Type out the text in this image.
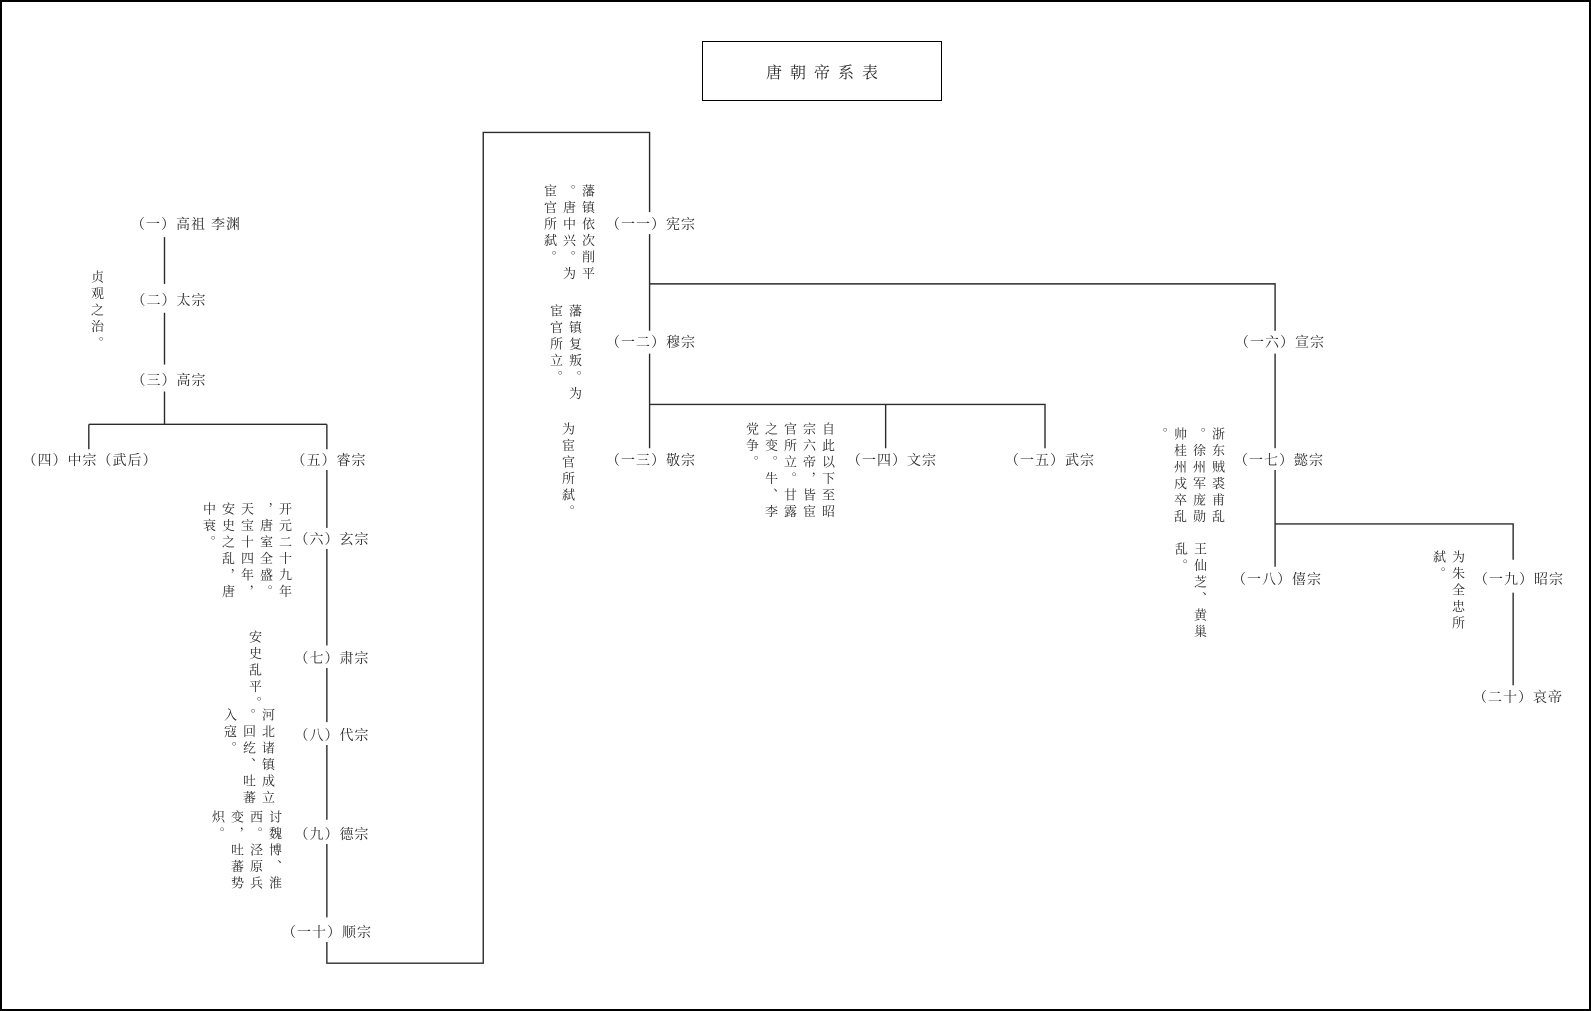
唐朝帝系表
（一）高祖 李渊
（二）太宗
（三）高宗
（四）中宗（武后）	（五）睿宗
（六）玄宗
（七）肃宗
（八）代宗
（九）德宗
（一十）顺宗
（一一）宪宗
（一二）穆宗
（一三）敬宗	（一四）文宗	（一五）武宗
（一六）宣宗
（一七）懿宗
（一八）僖宗	（一九）昭宗
（二十）哀帝
贞观之治。
开元二十九年，唐室全盛。天宝十四年，安史之乱，唐中衰。
安史乱平。
河北诸镇成立。回纥、吐蕃入寇。
讨魏博、淮西。泾原兵变，吐蕃势炽。
藩镇依次削平。唐中兴。为宦官所弑。
藩镇复叛。为宦官所立。
为宦官所弑。	自此以下至昭宗六帝，皆宦官所立。甘露之变。牛、李党争。	浙东贼裘甫乱。徐州军庞勋帅桂州戍卒乱。
王仙芝、黄巢乱。	为朱全忠所弑。
